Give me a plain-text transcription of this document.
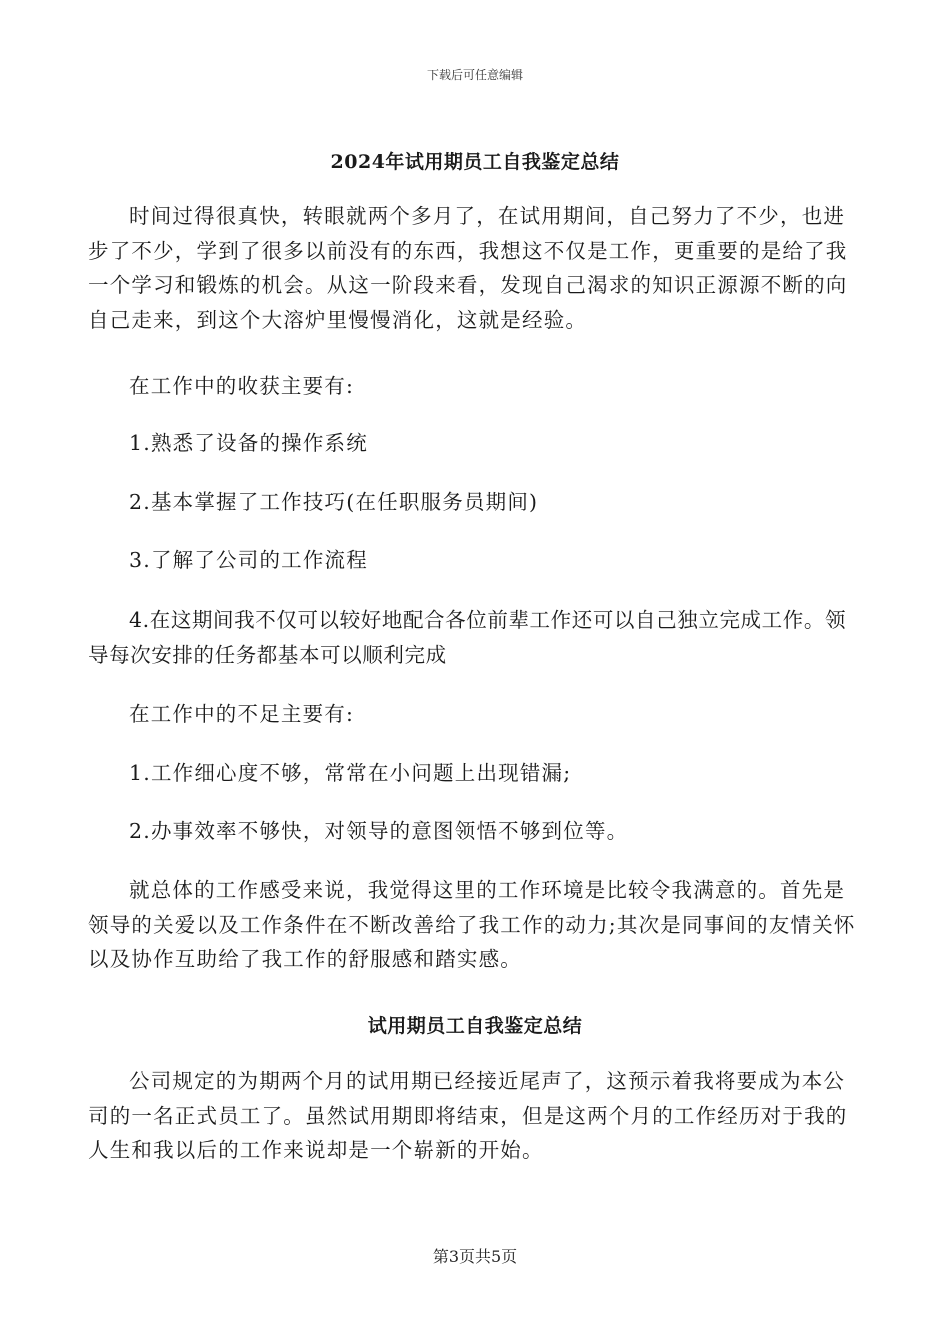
下载后可任意编辑
2024年试用期员工自我鉴定总结
时间过得很真快，转眼就两个多月了，在试用期间，自己努力了不少，也进步了不少，学到了很多以前没有的东西，我想这不仅是工作，更重要的是给了我一个学习和锻炼的机会。从这一阶段来看，发现自己渴求的知识正源源不断的向自己走来，到这个大溶炉里慢慢消化，这就是经验。
在工作中的收获主要有:
1.熟悉了设备的操作系统
2.基本掌握了工作技巧(在任职服务员期间)
3.了解了公司的工作流程
4.在这期间我不仅可以较好地配合各位前辈工作还可以自己独立完成工作。领导每次安排的任务都基本可以顺利完成
在工作中的不足主要有:
1.工作细心度不够，常常在小问题上出现错漏;
2.办事效率不够快，对领导的意图领悟不够到位等。
就总体的工作感受来说，我觉得这里的工作环境是比较令我满意的。首先是领导的关爱以及工作条件在不断改善给了我工作的动力;其次是同事间的友情关怀以及协作互助给了我工作的舒服感和踏实感。
试用期员工自我鉴定总结
公司规定的为期两个月的试用期已经接近尾声了，这预示着我将要成为本公司的一名正式员工了。虽然试用期即将结束，但是这两个月的工作经历对于我的人生和我以后的工作来说却是一个崭新的开始。
第3页共5页
